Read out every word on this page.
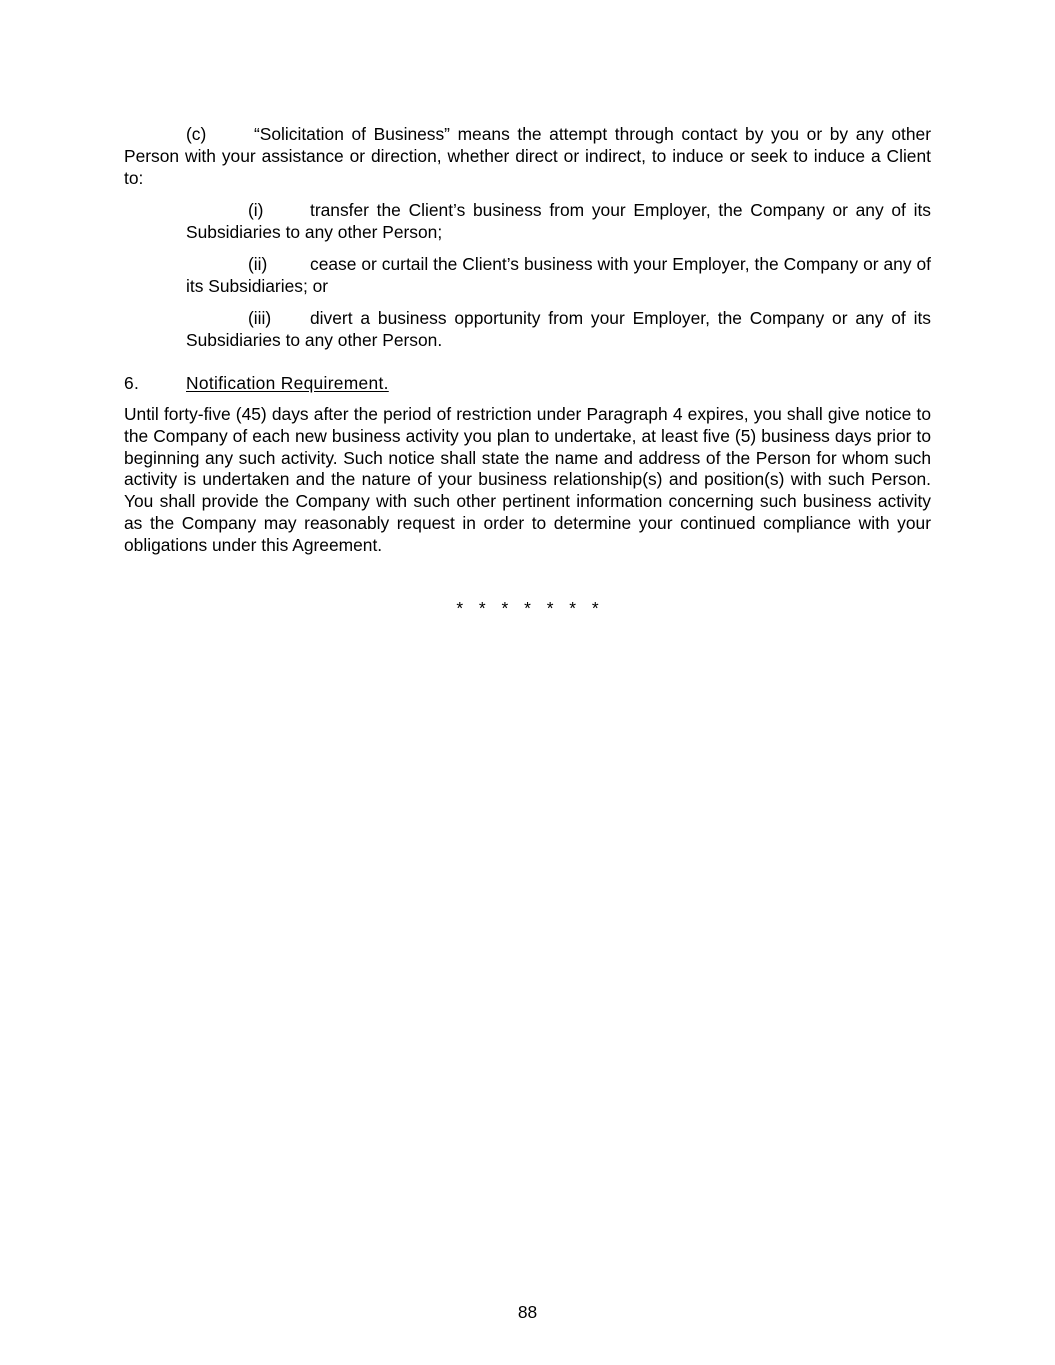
(c)	“Solicitation of Business” means the attempt through contact by you or by any other Person with your assistance or direction, whether direct or indirect, to induce or seek to induce a Client to:

(i)	transfer the Client’s business from your Employer, the Company or any of its Subsidiaries to any other Person;

(ii) cease or curtail the Client’s business with your Employer, the Company or any of its Subsidiaries; or

(iii) divert a business opportunity from your Employer, the Company or any of its Subsidiaries to any other Person.

6.	Notification Requirement.

Until forty-five (45) days after the period of restriction under Paragraph 4 expires, you shall give notice to the Company of each new business activity you plan to undertake, at least five (5) business days prior to beginning any such activity. Such notice shall state the name and address of the Person for whom such activity is undertaken and the nature of your business relationship(s) and position(s) with such Person. You shall provide the Company with such other pertinent information concerning such business activity as the Company may reasonably request in order to determine your continued compliance with your obligations under this Agreement.

* * * * * * *

88
